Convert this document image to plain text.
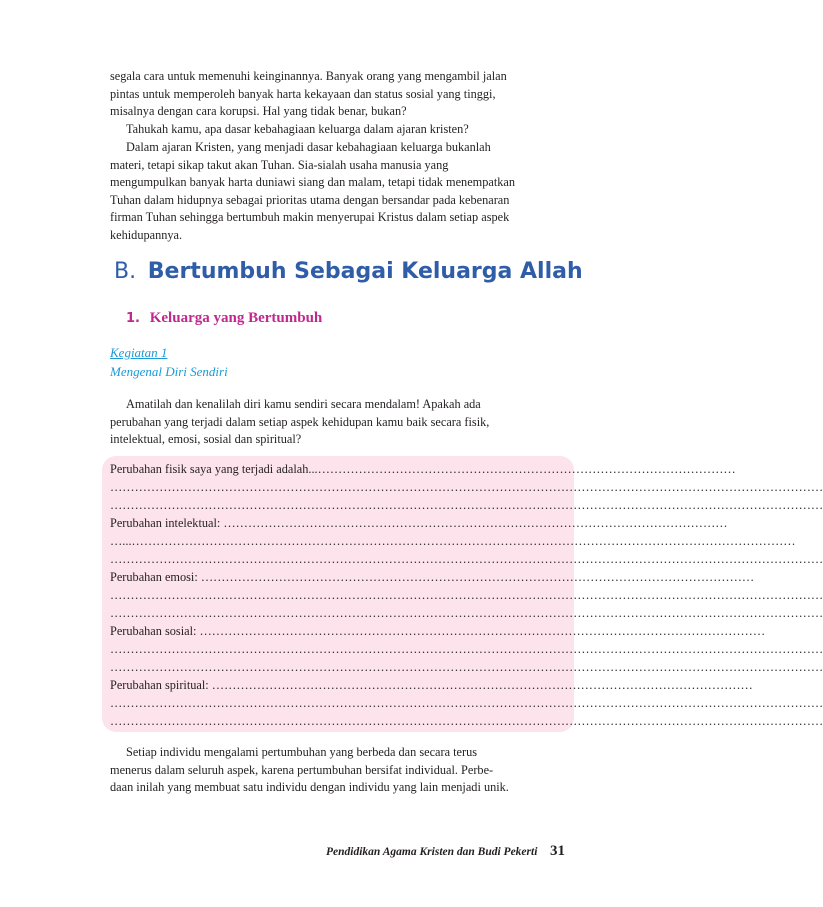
segala cara untuk memenuhi keinginannya. Banyak orang yang mengambil jalan
pintas untuk memperoleh banyak harta kekayaan dan status sosial yang tinggi,
misalnya dengan cara korupsi. Hal yang tidak benar, bukan?

Tahukah kamu, apa dasar kebahagiaan keluarga dalam ajaran kristen?

Dalam ajaran Kristen, yang menjadi dasar kebahagiaan keluarga bukanlah
materi, tetapi sikap takut akan Tuhan. Sia-sialah usaha manusia yang
mengumpulkan banyak harta duniawi siang dan malam, tetapi tidak menempatkan
Tuhan dalam hidupnya sebagai prioritas utama dengan bersandar pada kebenaran
firman Tuhan sehingga bertumbuh makin menyerupai Kristus dalam setiap aspek
kehidupannya.

B. Bertumbuh Sebagai Keluarga Allah
1. Keluarga yang Bertumbuh
Kegiatan 1
Mengenal Diri Sendiri

Amatilah dan kenalilah diri kamu sendiri secara mendalam! Apakah ada
perubahan yang terjadi dalam setiap aspek kehidupan kamu baik secara fisik,
intelektual, emosi, sosial dan spiritual?

Perubahan fisik saya yang terjadi adalah...…………………………………………………………………………………………
…………………………………………………………………………………………………………………………………………………………
…………………………………………………………………………………………………………………………………………………………
Perubahan intelektual: ……………………………………………………………………………………………………………
…...………………………………………………………………………………………………………………………………………………
…………………………………………………………………………………………………………………………………………………………
Perubahan emosi: ………………………………………………………………………………………………………………………
…………………………………………………………………………………………………………………………………………………………
…………………………………………………………………………………………………………………………………………………………
Perubahan sosial: …………………………………………………………………………………………………………………………
…………………………………………………………………………………………………………………………………………………………
…………………………………………………………………………………………………………………………………………………………
Perubahan spiritual: ……………………………………………………………………………………………………………………
…………………………………………………………………………………………………………………………………………………………
…………………………………………………………………………………………………………………………………………………………

Setiap individu mengalami pertumbuhan yang berbeda dan secara terus
menerus dalam seluruh aspek, karena pertumbuhan bersifat individual. Perbe-
daan inilah yang membuat satu individu dengan individu yang lain menjadi unik.

Pendidikan Agama Kristen dan Budi Pekerti 31
